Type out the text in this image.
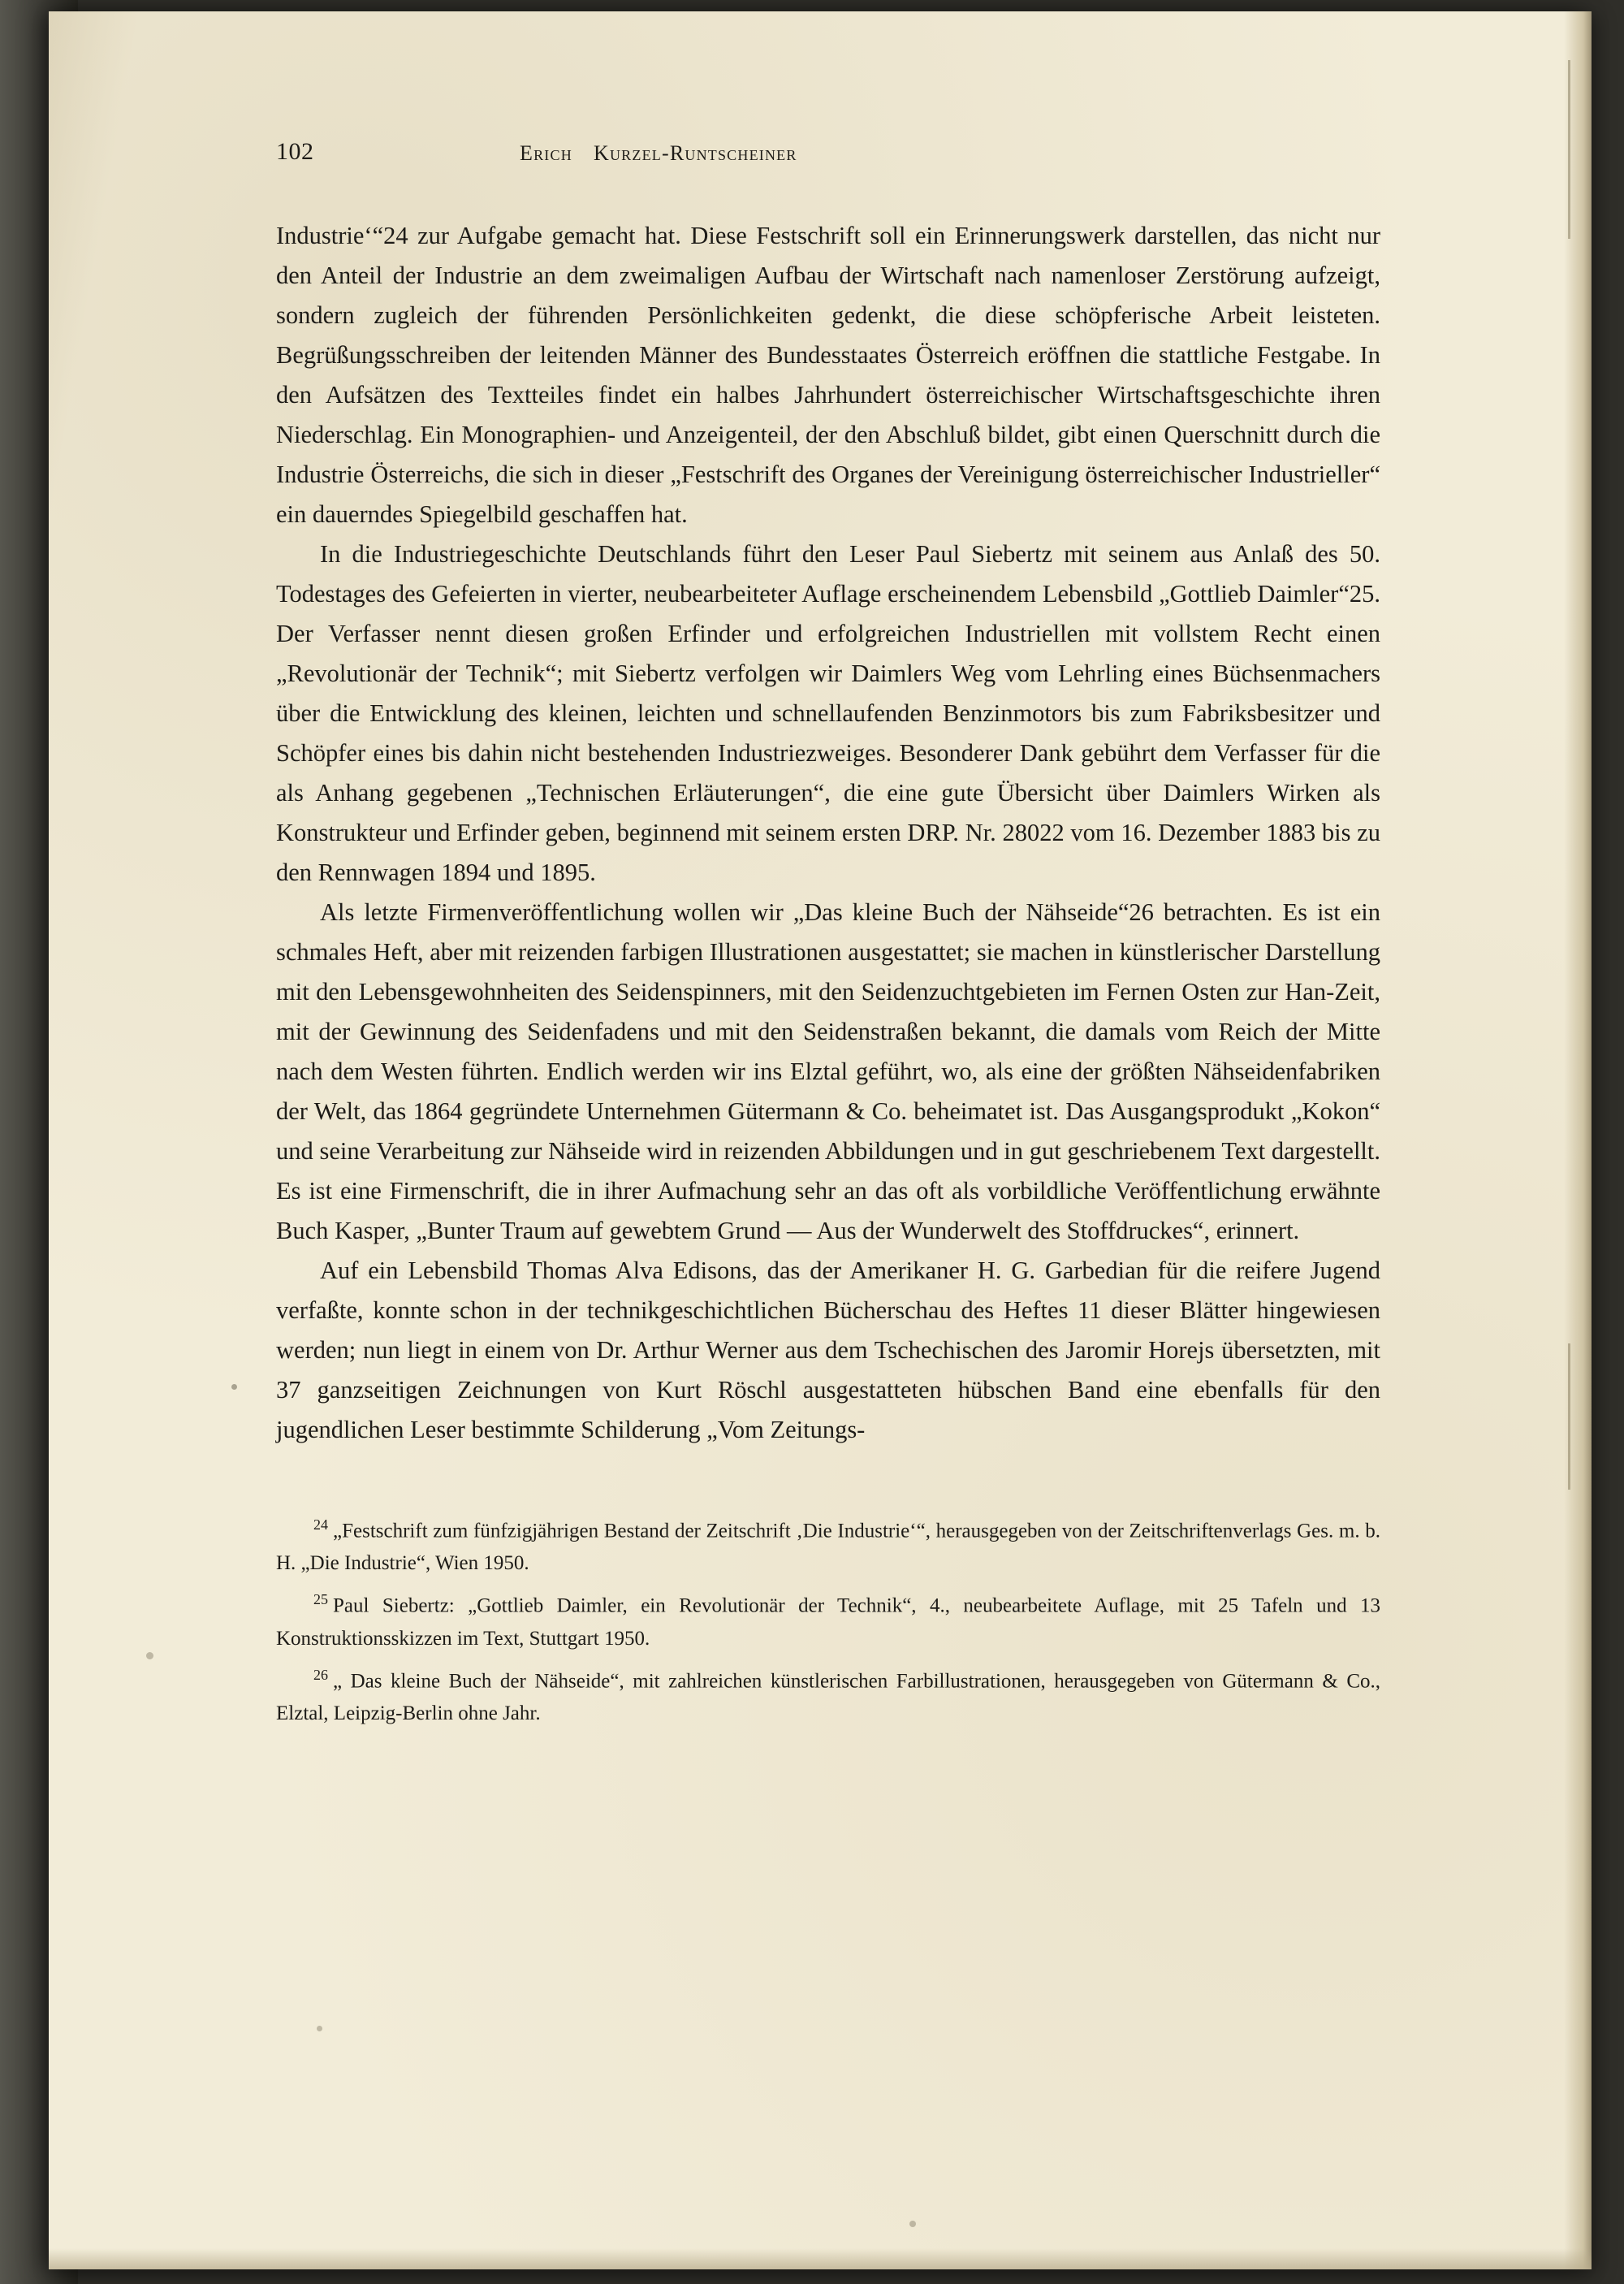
102	Erich Kurzel-Runtscheiner

Industrie‘“24 zur Aufgabe gemacht hat. Diese Festschrift soll ein Erinnerungswerk darstellen, das nicht nur den Anteil der Industrie an dem zweimaligen Aufbau der Wirtschaft nach namenloser Zerstörung aufzeigt, sondern zugleich der führenden Persönlichkeiten gedenkt, die diese schöpferische Arbeit leisteten. Begrüßungsschreiben der leitenden Männer des Bundesstaates Österreich eröffnen die stattliche Festgabe. In den Aufsätzen des Textteiles findet ein halbes Jahrhundert österreichischer Wirtschaftsgeschichte ihren Niederschlag. Ein Monographien- und Anzeigenteil, der den Abschluß bildet, gibt einen Querschnitt durch die Industrie Österreichs, die sich in dieser „Festschrift des Organes der Vereinigung österreichischer Industrieller“ ein dauerndes Spiegelbild geschaffen hat.

In die Industriegeschichte Deutschlands führt den Leser Paul Siebertz mit seinem aus Anlaß des 50. Todestages des Gefeierten in vierter, neubearbeiteter Auflage erscheinendem Lebensbild „Gottlieb Daimler“25. Der Verfasser nennt diesen großen Erfinder und erfolgreichen Industriellen mit vollstem Recht einen „Revolutionär der Technik“; mit Siebertz verfolgen wir Daimlers Weg vom Lehrling eines Büchsenmachers über die Entwicklung des kleinen, leichten und schnellaufenden Benzinmotors bis zum Fabriksbesitzer und Schöpfer eines bis dahin nicht bestehenden Industriezweiges. Besonderer Dank gebührt dem Verfasser für die als Anhang gegebenen „Technischen Erläuterungen“, die eine gute Übersicht über Daimlers Wirken als Konstrukteur und Erfinder geben, beginnend mit seinem ersten DRP. Nr. 28022 vom 16. Dezember 1883 bis zu den Rennwagen 1894 und 1895.

Als letzte Firmenveröffentlichung wollen wir „Das kleine Buch der Nähseide“26 betrachten. Es ist ein schmales Heft, aber mit reizenden farbigen Illustrationen ausgestattet; sie machen in künstlerischer Darstellung mit den Lebensgewohnheiten des Seidenspinners, mit den Seidenzuchtgebieten im Fernen Osten zur Han-Zeit, mit der Gewinnung des Seidenfadens und mit den Seidenstraßen bekannt, die damals vom Reich der Mitte nach dem Westen führten. Endlich werden wir ins Elztal geführt, wo, als eine der größten Nähseidenfabriken der Welt, das 1864 gegründete Unternehmen Gütermann & Co. beheimatet ist. Das Ausgangsprodukt „Kokon“ und seine Verarbeitung zur Nähseide wird in reizenden Abbildungen und in gut geschriebenem Text dargestellt. Es ist eine Firmenschrift, die in ihrer Aufmachung sehr an das oft als vorbildliche Veröffentlichung erwähnte Buch Kasper, „Bunter Traum auf gewebtem Grund — Aus der Wunderwelt des Stoffdruckes“, erinnert.

Auf ein Lebensbild Thomas Alva Edisons, das der Amerikaner H. G. Garbedian für die reifere Jugend verfaßte, konnte schon in der technikgeschichtlichen Bücherschau des Heftes 11 dieser Blätter hingewiesen werden; nun liegt in einem von Dr. Arthur Werner aus dem Tschechischen des Jaromir Horejs übersetzten, mit 37 ganzseitigen Zeichnungen von Kurt Röschl ausgestatteten hübschen Band eine ebenfalls für den jugendlichen Leser bestimmte Schilderung „Vom Zeitungs-

$^{24}$ „Festschrift zum fünfzigjährigen Bestand der Zeitschrift ‚Die Industrie‘“, herausgegeben von der Zeitschriftenverlags Ges. m. b. H. „Die Industrie“, Wien 1950.

$^{25}$ Paul Siebertz: „Gottlieb Daimler, ein Revolutionär der Technik“, 4., neubearbeitete Auflage, mit 25 Tafeln und 13 Konstruktionsskizzen im Text, Stuttgart 1950.

$^{26}$ „ Das kleine Buch der Nähseide“, mit zahlreichen künstlerischen Farbillustrationen, herausgegeben von Gütermann & Co., Elztal, Leipzig-Berlin ohne Jahr.
